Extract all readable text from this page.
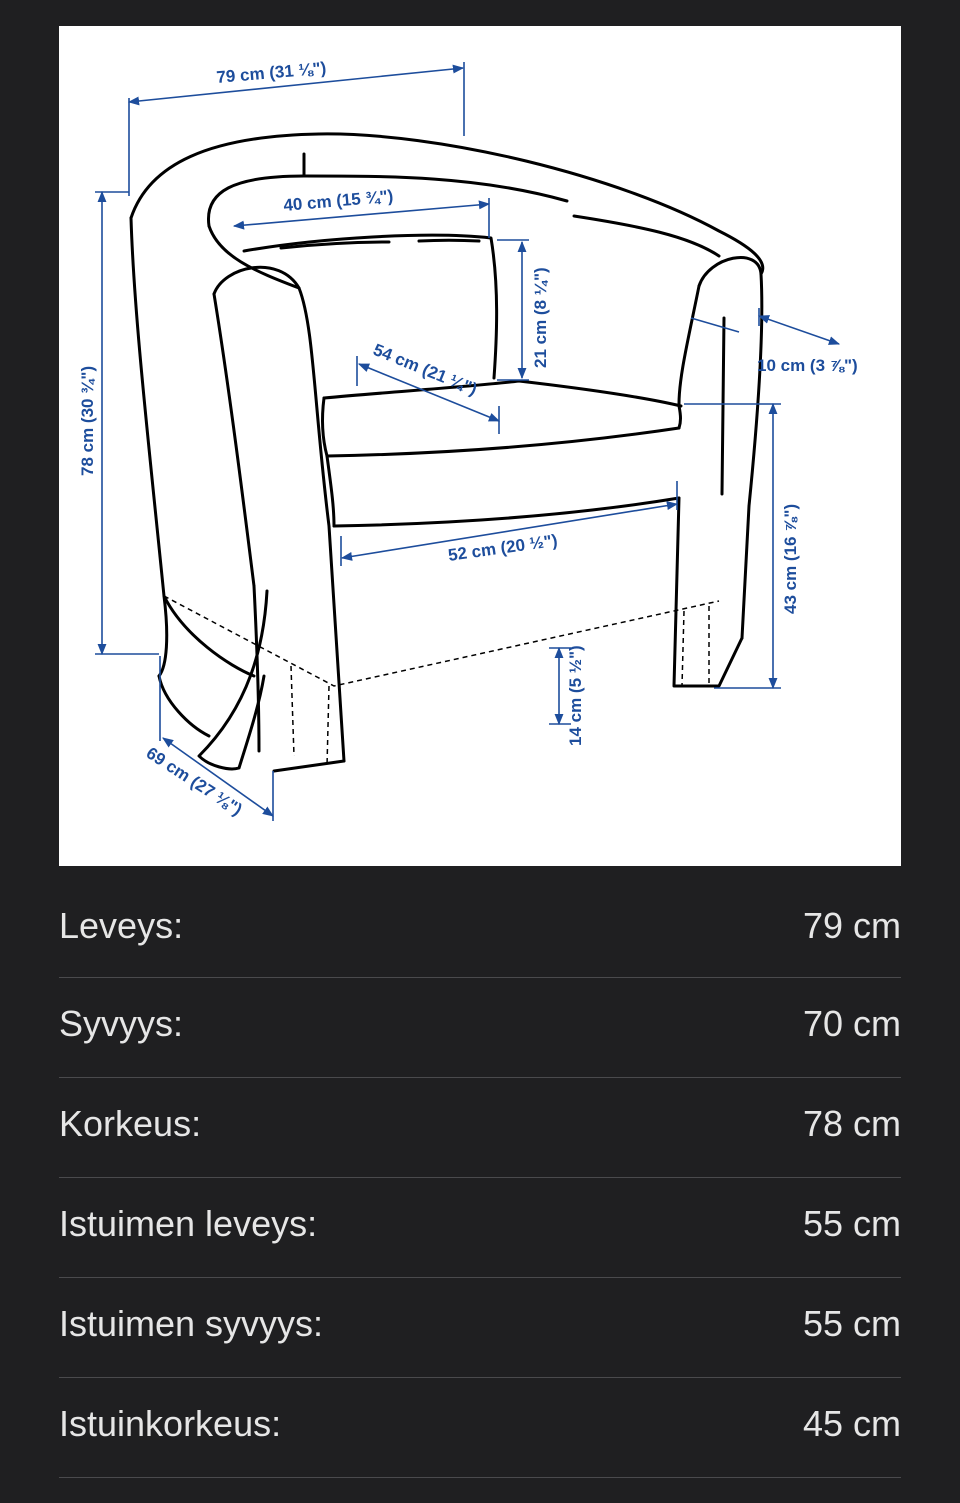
79 cm (31 ⅛")
78 cm (30 ¾")
40 cm (15 ¾")
21 cm (8 ¼")
54 cm (21 ¼")	10 cm (3 ⅞")
52 cm (20 ½")	43 cm (16 ⅞")
14 cm (5 ½")
69 cm (27 ⅛")
Leveys:	79 cm
Syvyys:	70 cm
Korkeus:	78 cm
Istuimen leveys:	55 cm
Istuimen syvyys:	55 cm
Istuinkorkeus:	45 cm
